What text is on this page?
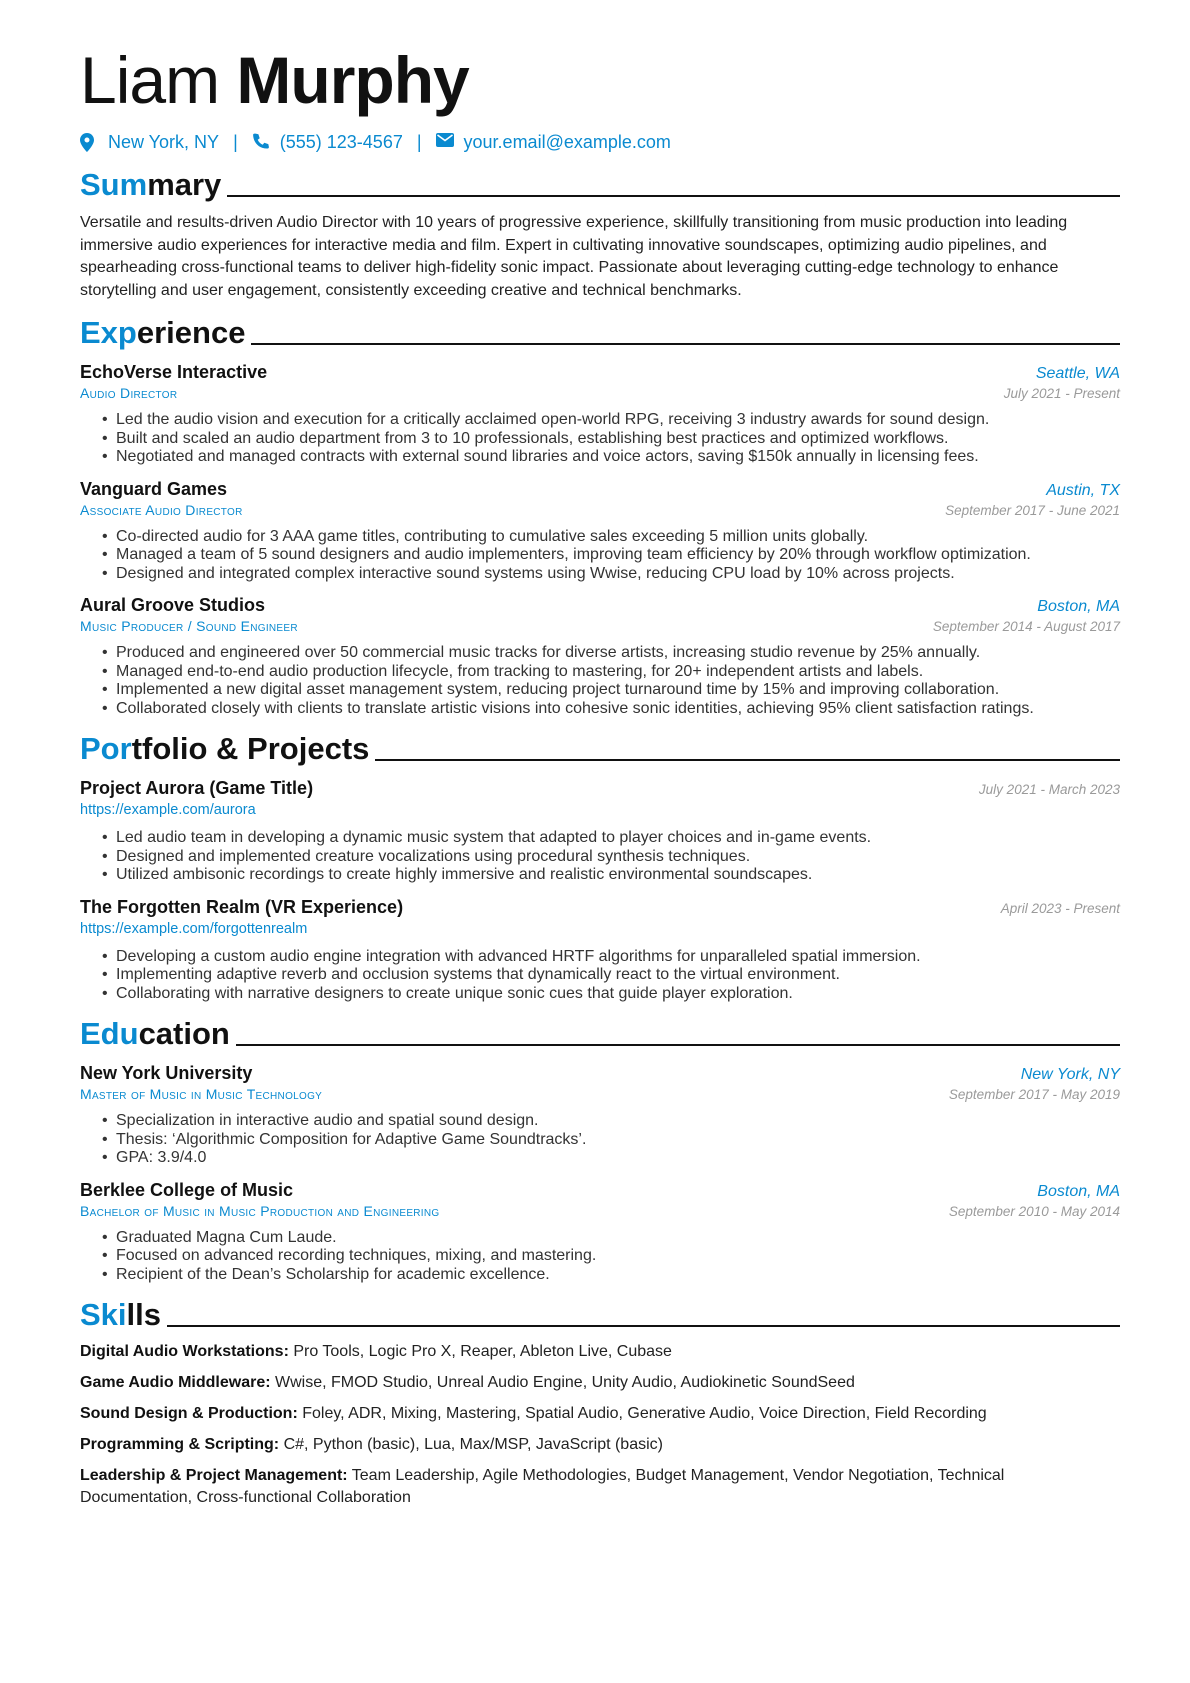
Liam Murphy
New York, NY | (555) 123-4567 | your.email@example.com
Summary
Versatile and results-driven Audio Director with 10 years of progressive experience, skillfully transitioning from music production into leading immersive audio experiences for interactive media and film. Expert in cultivating innovative soundscapes, optimizing audio pipelines, and spearheading cross-functional teams to deliver high-fidelity sonic impact. Passionate about leveraging cutting-edge technology to enhance storytelling and user engagement, consistently exceeding creative and technical benchmarks.
Experience
EchoVerse Interactive	Seattle, WA
Audio Director	July 2021 - Present
• Led the audio vision and execution for a critically acclaimed open-world RPG, receiving 3 industry awards for sound design.
• Built and scaled an audio department from 3 to 10 professionals, establishing best practices and optimized workflows.
• Negotiated and managed contracts with external sound libraries and voice actors, saving $150k annually in licensing fees.
Vanguard Games	Austin, TX
Associate Audio Director	September 2017 - June 2021
• Co-directed audio for 3 AAA game titles, contributing to cumulative sales exceeding 5 million units globally.
• Managed a team of 5 sound designers and audio implementers, improving team efficiency by 20% through workflow optimization.
• Designed and integrated complex interactive sound systems using Wwise, reducing CPU load by 10% across projects.
Aural Groove Studios	Boston, MA
Music Producer / Sound Engineer	September 2014 - August 2017
• Produced and engineered over 50 commercial music tracks for diverse artists, increasing studio revenue by 25% annually.
• Managed end-to-end audio production lifecycle, from tracking to mastering, for 20+ independent artists and labels.
• Implemented a new digital asset management system, reducing project turnaround time by 15% and improving collaboration.
• Collaborated closely with clients to translate artistic visions into cohesive sonic identities, achieving 95% client satisfaction ratings.
Portfolio & Projects
Project Aurora (Game Title)	July 2021 - March 2023
https://example.com/aurora
• Led audio team in developing a dynamic music system that adapted to player choices and in-game events.
• Designed and implemented creature vocalizations using procedural synthesis techniques.
• Utilized ambisonic recordings to create highly immersive and realistic environmental soundscapes.
The Forgotten Realm (VR Experience)	April 2023 - Present
https://example.com/forgottenrealm
• Developing a custom audio engine integration with advanced HRTF algorithms for unparalleled spatial immersion.
• Implementing adaptive reverb and occlusion systems that dynamically react to the virtual environment.
• Collaborating with narrative designers to create unique sonic cues that guide player exploration.
Education
New York University	New York, NY
Master of Music in Music Technology	September 2017 - May 2019
• Specialization in interactive audio and spatial sound design.
• Thesis: ‘Algorithmic Composition for Adaptive Game Soundtracks’.
• GPA: 3.9/4.0
Berklee College of Music	Boston, MA
Bachelor of Music in Music Production and Engineering	September 2010 - May 2014
• Graduated Magna Cum Laude.
• Focused on advanced recording techniques, mixing, and mastering.
• Recipient of the Dean’s Scholarship for academic excellence.
Skills
Digital Audio Workstations: Pro Tools, Logic Pro X, Reaper, Ableton Live, Cubase
Game Audio Middleware: Wwise, FMOD Studio, Unreal Audio Engine, Unity Audio, Audiokinetic SoundSeed
Sound Design & Production: Foley, ADR, Mixing, Mastering, Spatial Audio, Generative Audio, Voice Direction, Field Recording
Programming & Scripting: C#, Python (basic), Lua, Max/MSP, JavaScript (basic)
Leadership & Project Management: Team Leadership, Agile Methodologies, Budget Management, Vendor Negotiation, Technical Documentation, Cross-functional Collaboration
